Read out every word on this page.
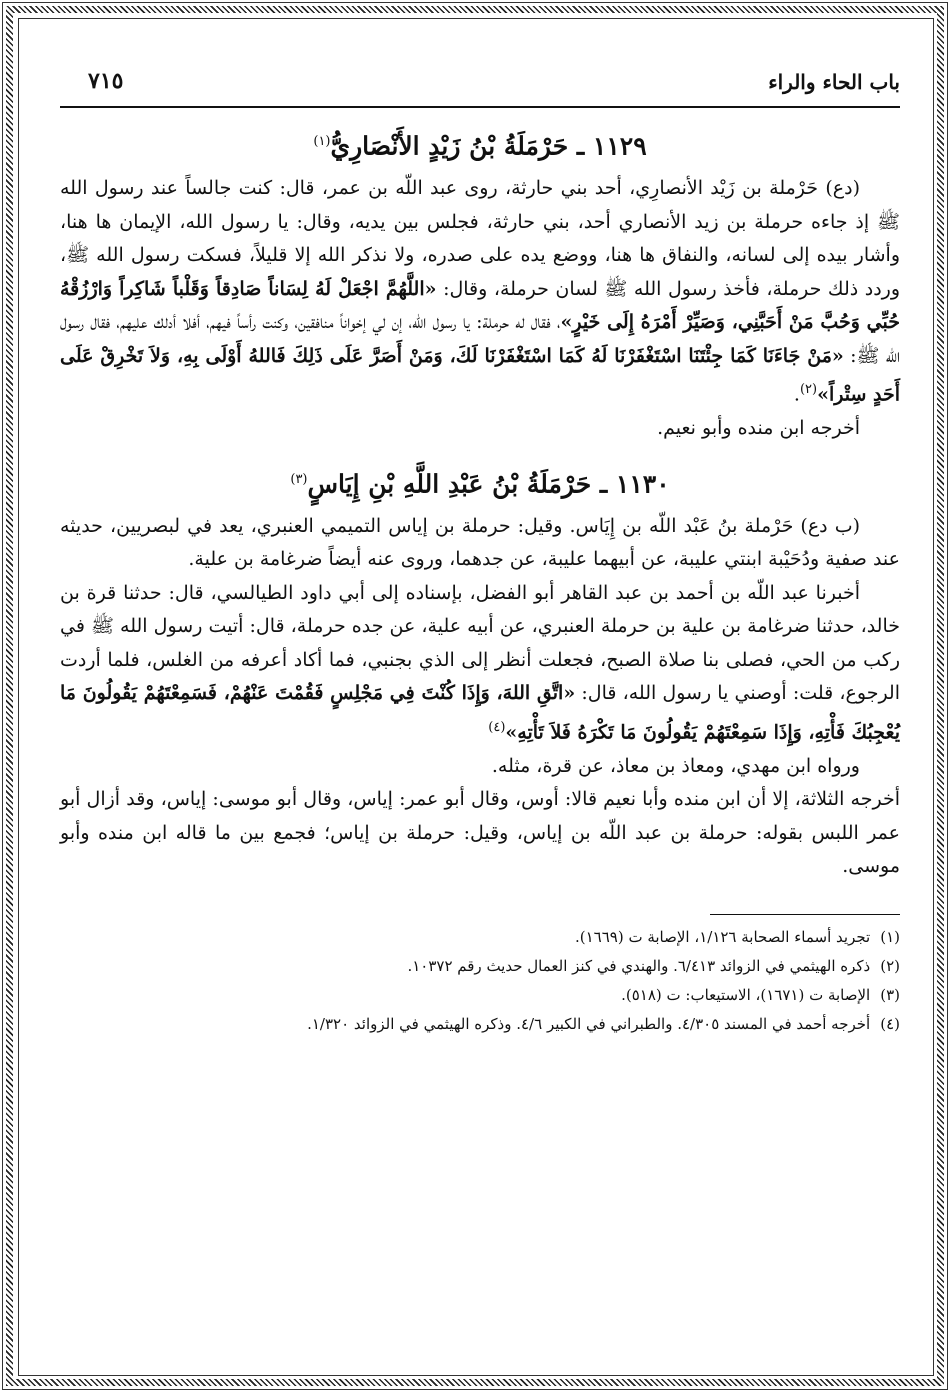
باب الحاء والراء
٧١٥
١١٢٩ ـ حَرْمَلَةُ بْنُ زَيْدٍ الأَنْصَارِيُّ$^{(١)}$

(دع) حَرْملة بن زَيْد الأنصارِي، أحد بني حارثة، روى عبد اللّه بن عمر، قال: كنت جالساً عند رسول الله ﷺ إذ جاءه حرملة بن زيد الأنصاري أحد، بني حارثة، فجلس بين يديه، وقال: يا رسول الله، الإيمان ها هنا، وأشار بيده إلى لسانه، والنفاق ها هنا، ووضع يده على صدره، ولا نذكر الله إلا قليلاً، فسكت رسول الله ﷺ، وردد ذلك حرملة، فأخذ رسول الله ﷺ لسان حرملة، وقال: «اللَّهُمَّ اجْعَلْ لَهُ لِسَاناً صَادِقاً وَقَلْباً شَاكِراً وَارْزُقْهُ حُبِّي وَحُبَّ مَنْ أَحَبَّنِي، وَصَيِّرْ أَمْرَهُ إِلَى خَيْرٍ»، فقال له حرملة: يا رسول الله، إن لي إخواناً منافقين، وكنت رأساً فيهم، أفلا أدلك عليهم، فقال رسول الله ﷺ: «مَنْ جَاءَنَا كَمَا جِئْتَنَا اسْتَغْفَرْنَا لَهُ كَمَا اسْتَغْفَرْنَا لَكَ، وَمَنْ أَصَرَّ عَلَى ذَلِكَ فَاللهُ أَوْلَى بِهِ، وَلاَ تَخْرِقْ عَلَى أَحَدٍ سِتْراً»$^{(٢)}$.

أخرجه ابن منده وأبو نعيم.

١١٣٠ ـ حَرْمَلَةُ بْنُ عَبْدِ اللَّهِ بْنِ إِيَاسٍ$^{(٣)}$

(ب دع) حَرْملة بنُ عَبْد اللّه بن إِيَاس. وقيل: حرملة بن إياس التميمي العنبري، يعد في لبصريين، حديثه عند صفية ودُحَيْبة ابنتي عليبة، عن أبيهما عليبة، عن جدهما، وروى عنه أيضاً ضرغامة بن علية.

أخبرنا عبد اللّه بن أحمد بن عبد القاهر أبو الفضل، بإسناده إلى أبي داود الطيالسي، قال: حدثنا قرة بن خالد، حدثنا ضرغامة بن علية بن حرملة العنبري، عن أبيه علية، عن جده حرملة، قال: أتيت رسول الله ﷺ في ركب من الحي، فصلى بنا صلاة الصبح، فجعلت أنظر إلى الذي بجنبي، فما أكاد أعرفه من الغلس، فلما أردت الرجوع، قلت: أوصني يا رسول الله، قال: «اتَّقِ اللهَ، وَإِذَا كُنْتَ فِي مَجْلِسٍ فَقُمْتَ عَنْهُمْ، فَسَمِعْتَهُمْ يَقُولُونَ مَا يُعْجِبُكَ فَأْتِهِ، وَإِذَا سَمِعْتَهُمْ يَقُولُونَ مَا تَكْرَهُ فَلاَ تَأْتِهِ»$^{(٤)}$

ورواه ابن مهدي، ومعاذ بن معاذ، عن قرة، مثله.

أخرجه الثلاثة، إلا أن ابن منده وأبا نعيم قالا: أوس، وقال أبو عمر: إياس، وقال أبو موسى: إياس، وقد أزال أبو عمر اللبس بقوله: حرملة بن عبد اللّه بن إياس، وقيل: حرملة بن إياس؛ فجمع بين ما قاله ابن منده وأبو موسى.

(١)
تجريد أسماء الصحابة ١/١٢٦، الإصابة ت (١٦٦٩).
(٢)
ذكره الهيثمي في الزوائد ٦/٤١٣. والهندي في كنز العمال حديث رقم ١٠٣٧٢.
(٣)
الإصابة ت (١٦٧١)، الاستيعاب: ت (٥١٨).
(٤)
أخرجه أحمد في المسند ٤/٣٠٥. والطبراني في الكبير ٤/٦. وذكره الهيثمي في الزوائد ١/٣٢٠.
